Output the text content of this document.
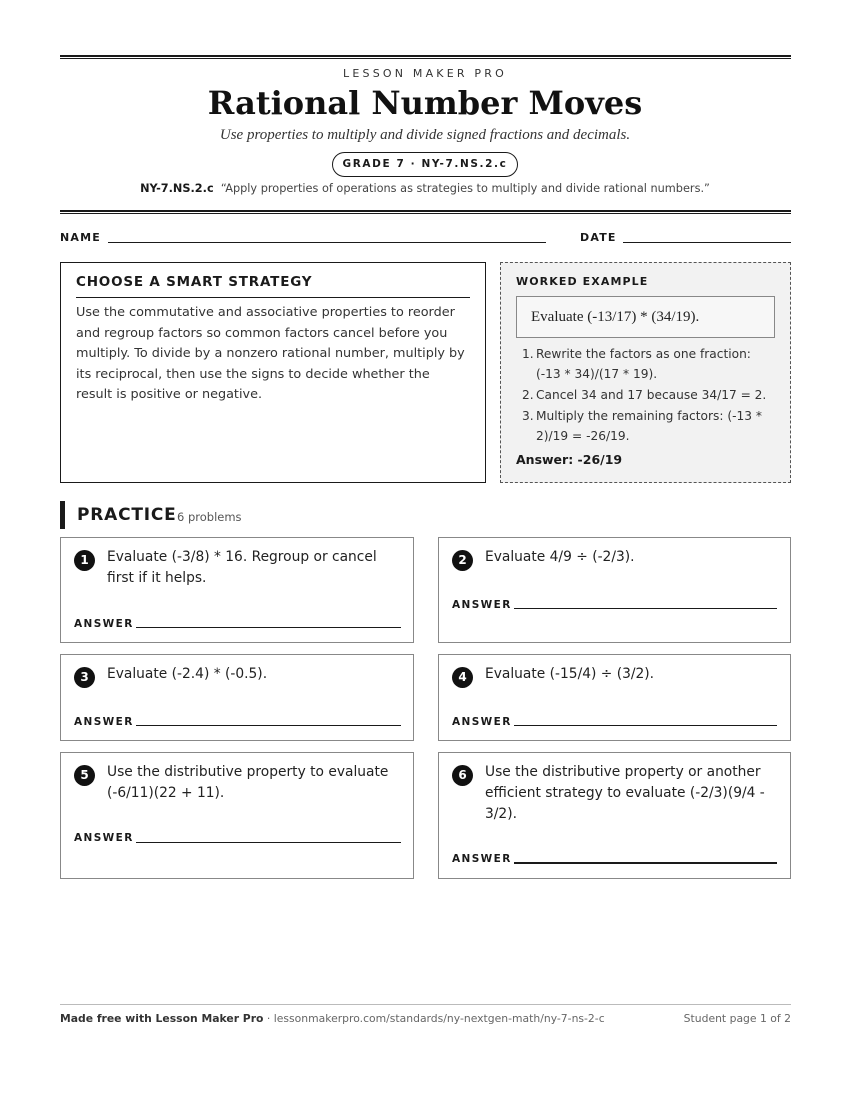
LESSON MAKER PRO
Rational Number Moves
Use properties to multiply and divide signed fractions and decimals.
GRADE 7 · NY-7.NS.2.c
NY-7.NS.2.c “Apply properties of operations as strategies to multiply and divide rational numbers.”
NAME	DATE
CHOOSE A SMART STRATEGY

Use the commutative and associative properties to reorder and regroup factors so common factors cancel before you multiply. To divide by a nonzero rational number, multiply by its reciprocal, then use the signs to decide whether the result is positive or negative.

WORKED EXAMPLE
Evaluate (-13/17) * (34/19).
1. Rewrite the factors as one fraction: (-13 * 34)/(17 * 19).
2. Cancel 34 and 17 because 34/17 = 2.
3. Multiply the remaining factors: (-13 * 2)/19 = -26/19.
Answer: -26/19
PRACTICE 6 problems
1	Evaluate (-3/8) * 16. Regroup or cancel first if it helps.
ANSWER
2	Evaluate 4/9 ÷ (-2/3).
ANSWER
3	Evaluate (-2.4) * (-0.5).
ANSWER
4	Evaluate (-15/4) ÷ (3/2).
ANSWER
5	Use the distributive property to evaluate (-6/11)(22 + 11).
ANSWER
6	Use the distributive property or another efficient strategy to evaluate (-2/3)(9/4 - 3/2).
ANSWER
Made free with Lesson Maker Pro · lessonmakerpro.com/standards/ny-nextgen-math/ny-7-ns-2-c	Student page 1 of 2
